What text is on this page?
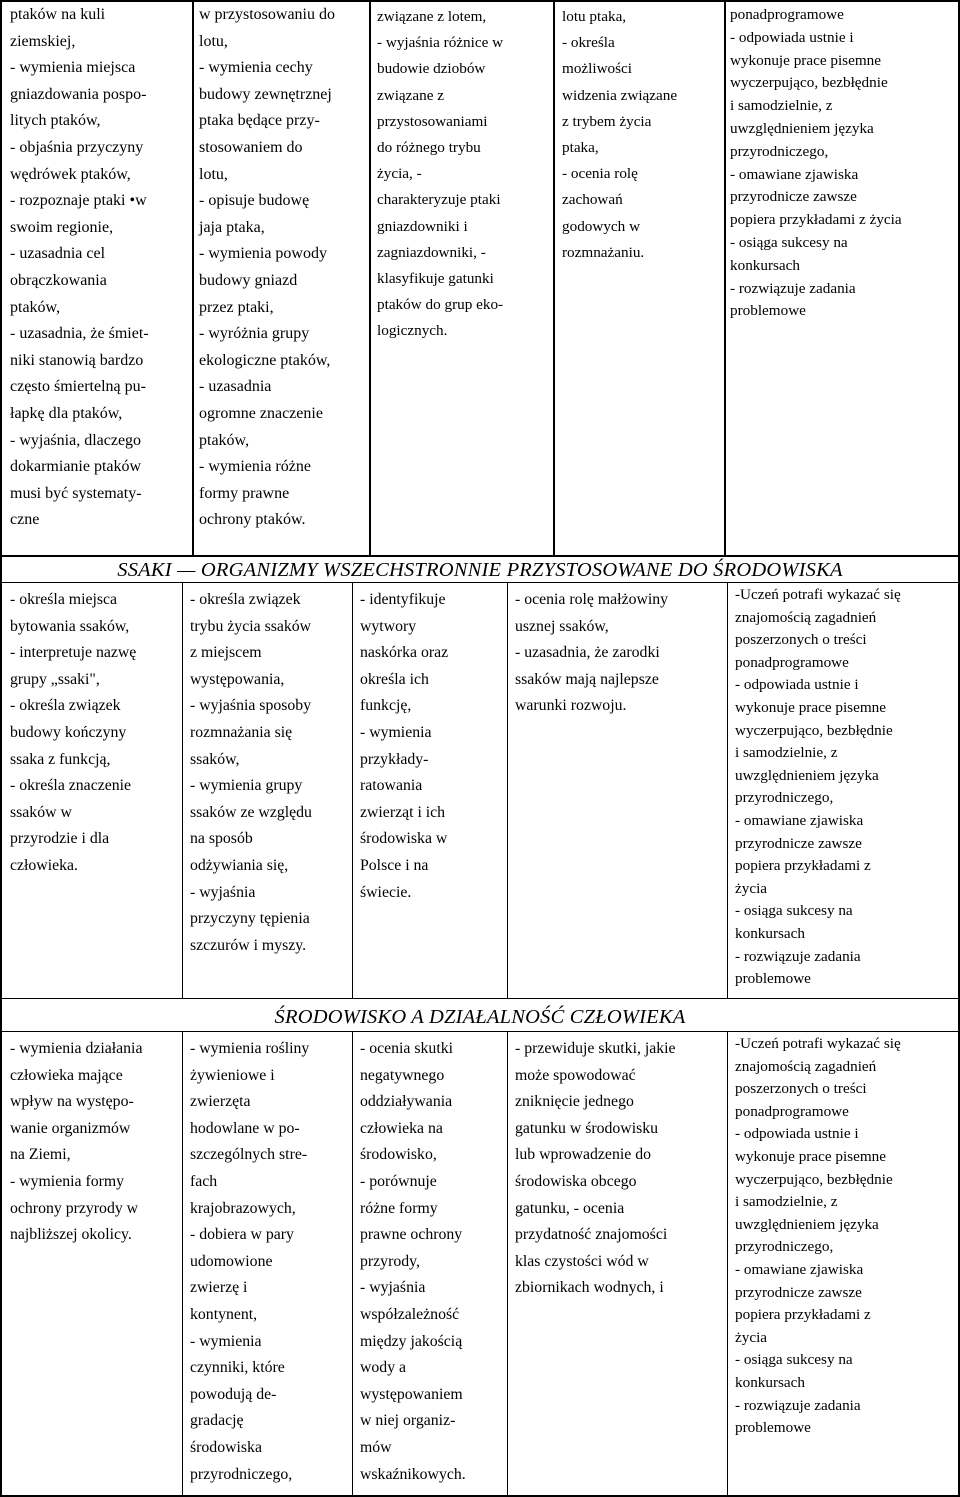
ptaków na kuli
ziemskiej,
- wymienia miejsca
gniazdowania pospo-
litych ptaków,
- objaśnia przyczyny
wędrówek ptaków,
- rozpoznaje ptaki •w
swoim regionie,
- uzasadnia cel
obrączkowania
ptaków,
- uzasadnia, że śmiet-
niki stanowią bardzo
często śmiertelną pu-
łapkę dla ptaków,
- wyjaśnia, dlaczego
dokarmianie ptaków
musi być systematy-
czne
w przystosowaniu do
lotu,
- wymienia cechy
budowy zewnętrznej
ptaka będące przy-
stosowaniem do
lotu,
- opisuje budowę
jaja ptaka,
- wymienia powody
budowy gniazd
przez ptaki,
- wyróżnia grupy
ekologiczne ptaków,
- uzasadnia
ogromne znaczenie
ptaków,
- wymienia różne
formy prawne
ochrony ptaków.
związane z lotem,
- wyjaśnia różnice w
budowie dziobów
związane z
przystosowaniami
do różnego trybu
życia, -
charakteryzuje ptaki
gniazdowniki i
zagniazdowniki, -
klasyfikuje gatunki
ptaków do grup eko-
logicznych.
lotu ptaka,
- określa
możliwości
widzenia związane
z trybem życia
ptaka,
- ocenia rolę
zachowań
godowych w
rozmnażaniu.
ponadprogramowe
- odpowiada ustnie i
wykonuje prace pisemne
wyczerpująco, bezbłędnie
i samodzielnie, z
uwzględnieniem języka
przyrodniczego,
- omawiane zjawiska
przyrodnicze zawsze
popiera przykładami z życia
- osiąga sukcesy na
konkursach
- rozwiązuje zadania
problemowe
SSAKI — ORGANIZMY WSZECHSTRONNIE PRZYSTOSOWANE DO ŚRODOWISKA
- określa miejsca
bytowania ssaków,
- interpretuje nazwę
grupy „ssaki",
- określa związek
budowy kończyny
ssaka z funkcją,
- określa znaczenie
ssaków w
przyrodzie i dla
człowieka.
- określa związek
trybu życia ssaków
z miejscem
występowania,
- wyjaśnia sposoby
rozmnażania się
ssaków,
- wymienia grupy
ssaków ze względu
na sposób
odżywiania się,
- wyjaśnia
przyczyny tępienia
szczurów i myszy.
- identyfikuje
wytwory
naskórka oraz
określa ich
funkcję,
- wymienia
przykłady-
ratowania
zwierząt i ich
środowiska w
Polsce i na
świecie.
- ocenia rolę małżowiny
usznej ssaków,
- uzasadnia, że zarodki
ssaków mają najlepsze
warunki rozwoju.
-Uczeń potrafi wykazać się
znajomością zagadnień
poszerzonych o treści
ponadprogramowe
- odpowiada ustnie i
wykonuje prace pisemne
wyczerpująco, bezbłędnie
i samodzielnie, z
uwzględnieniem języka
przyrodniczego,
- omawiane zjawiska
przyrodnicze zawsze
popiera przykładami z
życia
- osiąga sukcesy na
konkursach
- rozwiązuje zadania
problemowe
ŚRODOWISKO A DZIAŁALNOŚĆ CZŁOWIEKA
- wymienia działania
człowieka mające
wpływ na występo-
wanie organizmów
na Ziemi,
- wymienia formy
ochrony przyrody w
najbliższej okolicy.
- wymienia rośliny
żywieniowe i
zwierzęta
hodowlane w po-
szczególnych stre-
fach
krajobrazowych,
- dobiera w pary
udomowione
zwierzę i
kontynent,
- wymienia
czynniki, które
powodują de-
gradację
środowiska
przyrodniczego,
- ocenia skutki
negatywnego
oddziaływania
człowieka na
środowisko,
- porównuje
różne formy
prawne ochrony
przyrody,
- wyjaśnia
współzależność
między jakością
wody a
występowaniem
w niej organiz-
mów
wskaźnikowych.
- przewiduje skutki, jakie
może spowodować
zniknięcie jednego
gatunku w środowisku
lub wprowadzenie do
środowiska obcego
gatunku, - ocenia
przydatność znajomości
klas czystości wód w
zbiornikach wodnych, i
-Uczeń potrafi wykazać się
znajomością zagadnień
poszerzonych o treści
ponadprogramowe
- odpowiada ustnie i
wykonuje prace pisemne
wyczerpująco, bezbłędnie
i samodzielnie, z
uwzględnieniem języka
przyrodniczego,
- omawiane zjawiska
przyrodnicze zawsze
popiera przykładami z
życia
- osiąga sukcesy na
konkursach
- rozwiązuje zadania
problemowe
